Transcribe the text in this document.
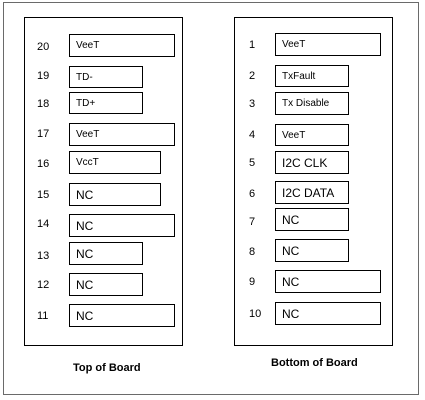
20	VeeT
19	TD-
18	TD+
17	VeeT
16	VccT
15	NC
14	NC
13	NC
12	NC
11	NC
1	VeeT
2	TxFault
3	Tx Disable
4	VeeT
5	I2C CLK
6	I2C DATA
7	NC
8	NC
9	NC
10	NC
Top of Board	Bottom of Board
